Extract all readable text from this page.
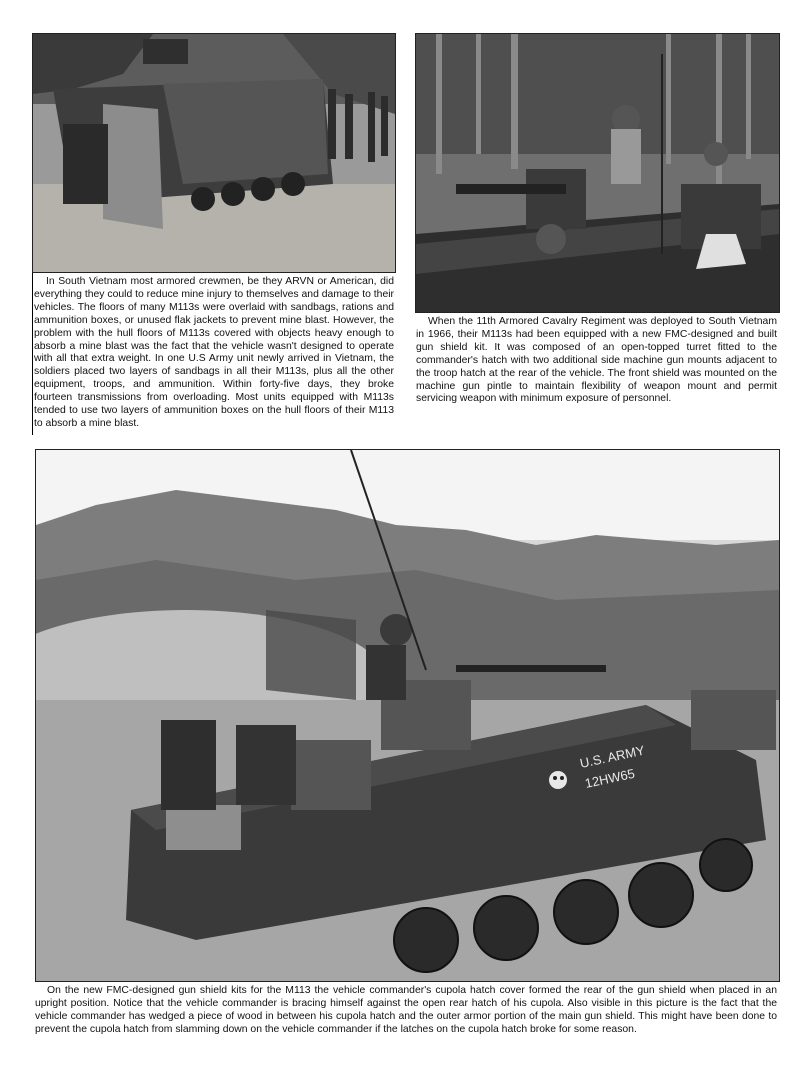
In South Vietnam most armored crewmen, be they ARVN or American, did everything they could to reduce mine injury to themselves and damage to their vehicles. The floors of many M113s were overlaid with sandbags, rations and ammunition boxes, or unused flak jackets to prevent mine blast. However, the problem with the hull floors of M113s covered with objects heavy enough to absorb a mine blast was the fact that the vehicle wasn't designed to operate with all that extra weight. In one U.S Army unit newly arrived in Vietnam, the soldiers placed two layers of sandbags in all their M113s, plus all the other equipment, troops, and ammunition. Within forty-five days, they broke fourteen transmissions from overloading. Most units equipped with M113s tended to use two layers of ammunition boxes on the hull floors of their M113 to absorb a mine blast.

When the 11th Armored Cavalry Regiment was deployed to South Vietnam in 1966, their M113s had been equipped with a new FMC-designed and built gun shield kit. It was composed of an open-topped turret fitted to the commander's hatch with two additional side machine gun mounts adjacent to the troop hatch at the rear of the vehicle. The front shield was mounted on the machine gun pintle to maintain flexibility of weapon mount and permit servicing weapon with minimum exposure of personnel.

U.S. ARMY
12HW65

On the new FMC-designed gun shield kits for the M113 the vehicle commander's cupola hatch cover formed the rear of the gun shield when placed in an upright position. Notice that the vehicle commander is bracing himself against the open rear hatch of his cupola. Also visible in this picture is the fact that the vehicle commander has wedged a piece of wood in between his cupola hatch and the outer armor portion of the main gun shield. This might have been done to prevent the cupola hatch from slamming down on the vehicle commander if the latches on the cupola hatch broke for some reason.
